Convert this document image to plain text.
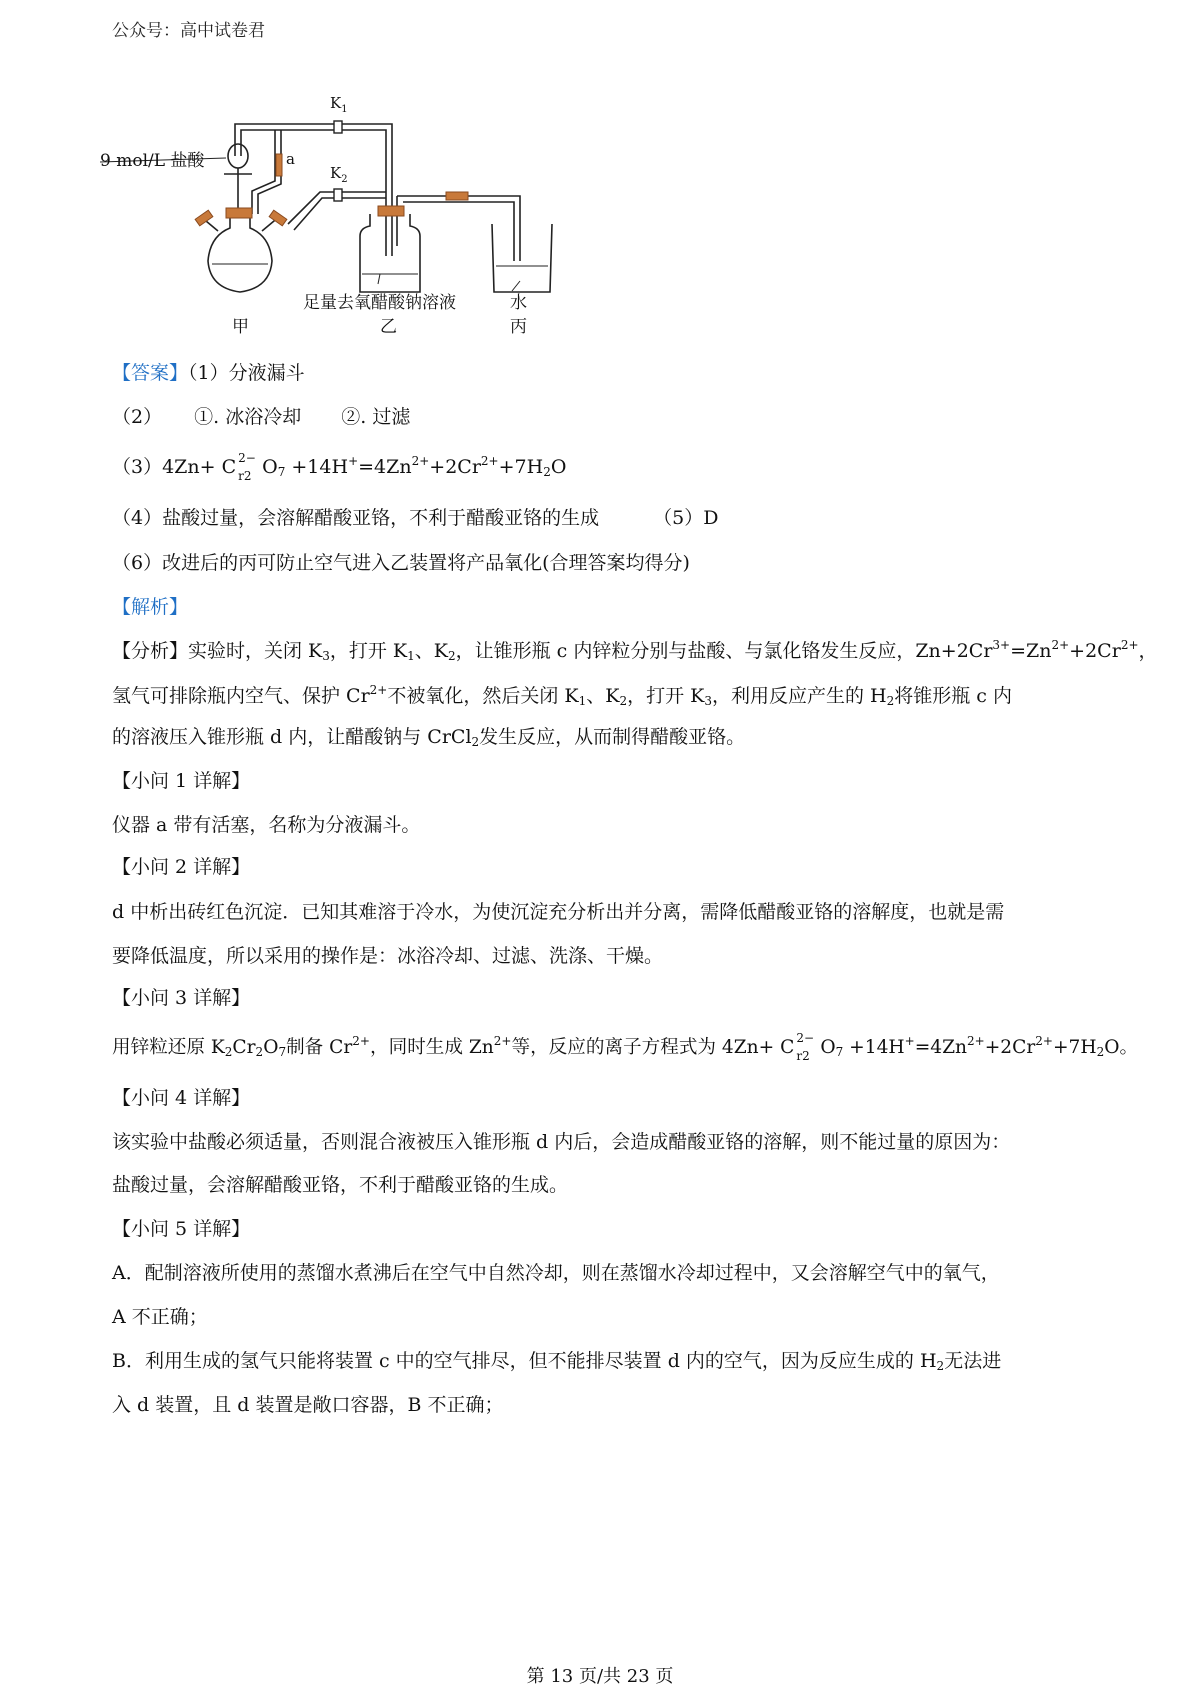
公众号：高中试卷君
$K_1$
$K_2$
a
9 mol/L 盐酸
甲
足量去氧醋酸钠溶液
乙
水
丙
【答案】（1）分液漏斗
（2） ①. 冰浴冷却 ②. 过滤
（3）4Zn+ C 2−
r2 $O_7 +14H^+=4Zn^{2+}+2Cr^{2+}+7H_2O$
（4）盐酸过量，会溶解醋酸亚铬，不利于醋酸亚铬的生成	（5）D
（6）改进后的丙可防止空气进入乙装置将产品氧化(合理答案均得分)
【解析】
【分析】实验时，关闭 $K_3$，打开 $K_1$、$K_2$，让锥形瓶 c 内锌粒分别与盐酸、与氯化铬发生反应，$Zn+2Cr^{3+}=Zn^{2+}+2Cr^{2+}$，
氢气可排除瓶内空气、保护 $Cr^{2+}$不被氧化，然后关闭 $K_1$、$K_2$，打开 $K_3$，利用反应产生的 $H_2$将锥形瓶 c 内
的溶液压入锥形瓶 d 内，让醋酸钠与 CrCl$_2$发生反应，从而制得醋酸亚铬。
【小问 1 详解】
仪器 a 带有活塞，名称为分液漏斗。
【小问 2 详解】
d 中析出砖红色沉淀．已知其难溶于冷水，为使沉淀充分析出并分离，需降低醋酸亚铬的溶解度，也就是需
要降低温度，所以采用的操作是：冰浴冷却、过滤、洗涤、干燥。
【小问 3 详解】
用锌粒还原 $K_2Cr_2O_7$制备 $Cr^{2+}$，同时生成 $Zn^{2+}$等，反应的离子方程式为 4Zn+ C 2−
r2 $O_7 +14H^+=4Zn^{2+}+2Cr^{2+}+7H_2O$。
【小问 4 详解】
该实验中盐酸必须适量，否则混合液被压入锥形瓶 d 内后，会造成醋酸亚铬的溶解，则不能过量的原因为：
盐酸过量，会溶解醋酸亚铬，不利于醋酸亚铬的生成。
【小问 5 详解】
A．配制溶液所使用的蒸馏水煮沸后在空气中自然冷却，则在蒸馏水冷却过程中，又会溶解空气中的氧气，
A 不正确；
B．利用生成的氢气只能将装置 c 中的空气排尽，但不能排尽装置 d 内的空气，因为反应生成的 $H_2$无法进
入 d 装置，且 d 装置是敞口容器，B 不正确；
第 13 页/共 23 页
